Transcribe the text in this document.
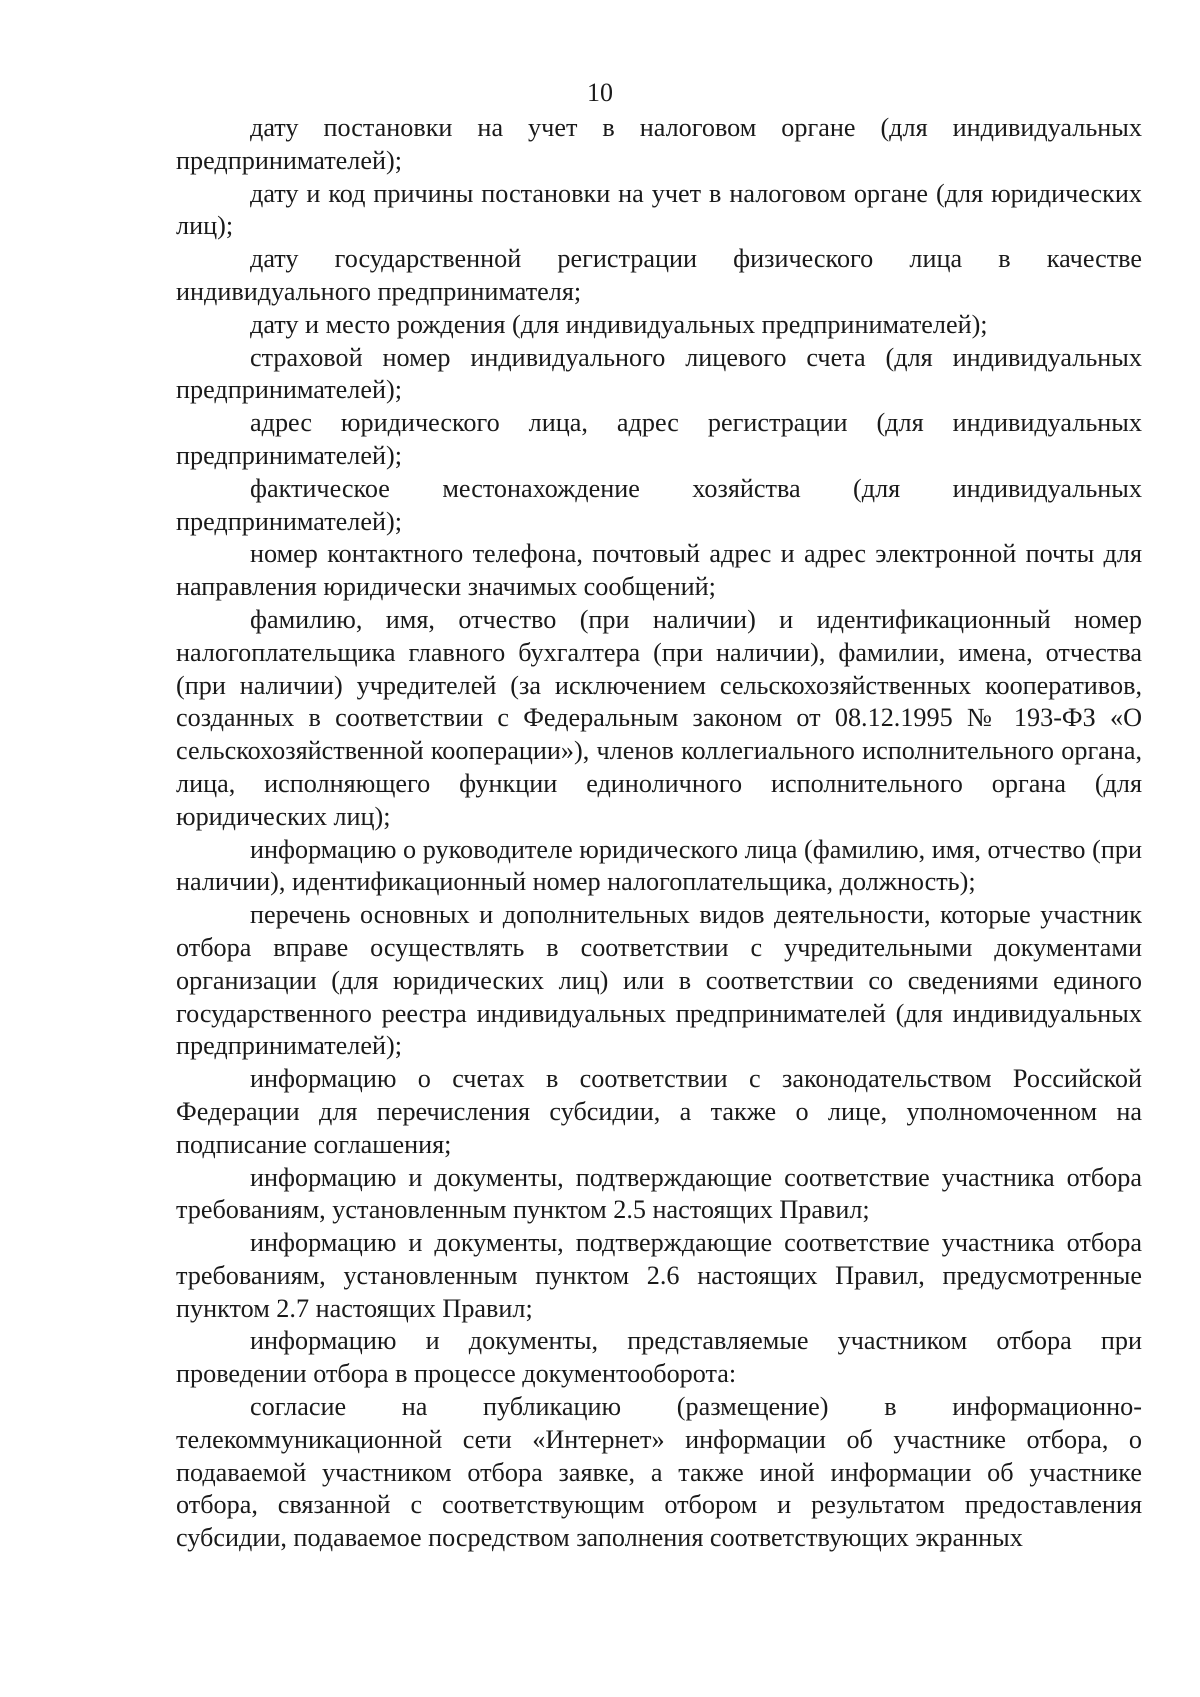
10

дату постановки на учет в налоговом органе (для индивидуальных предпринимателей);

дату и код причины постановки на учет в налоговом органе (для юридических лиц);

дату государственной регистрации физического лица в качестве индивидуального предпринимателя;

дату и место рождения (для индивидуальных предпринимателей);

страховой номер индивидуального лицевого счета (для индивидуальных предпринимателей);

адрес юридического лица, адрес регистрации (для индивидуальных предпринимателей);

фактическое местонахождение хозяйства (для индивидуальных предпринимателей);

номер контактного телефона, почтовый адрес и адрес электронной почты для направления юридически значимых сообщений;

фамилию, имя, отчество (при наличии) и идентификационный номер налогоплательщика главного бухгалтера (при наличии), фамилии, имена, отчества (при наличии) учредителей (за исключением сельскохозяйственных кооперативов, созданных в соответствии с Федеральным законом от 08.12.1995 № 193-ФЗ «О сельскохозяйственной кооперации»), членов коллегиального исполнительного органа, лица, исполняющего функции единоличного исполнительного органа (для юридических лиц);

информацию о руководителе юридического лица (фамилию, имя, отчество (при наличии), идентификационный номер налогоплательщика, должность);

перечень основных и дополнительных видов деятельности, которые участник отбора вправе осуществлять в соответствии с учредительными документами организации (для юридических лиц) или в соответствии со сведениями единого государственного реестра индивидуальных предпринимателей (для индивидуальных предпринимателей);

информацию о счетах в соответствии с законодательством Российской Федерации для перечисления субсидии, а также о лице, уполномоченном на подписание соглашения;

информацию и документы, подтверждающие соответствие участника отбора требованиям, установленным пунктом 2.5 настоящих Правил;

информацию и документы, подтверждающие соответствие участника отбора требованиям, установленным пунктом 2.6 настоящих Правил, предусмотренные пунктом 2.7 настоящих Правил;

информацию и документы, представляемые участником отбора при проведении отбора в процессе документооборота:

согласие на публикацию (размещение) в информационно-телекоммуникационной сети «Интернет» информации об участнике отбора, о подаваемой участником отбора заявке, а также иной информации об участнике отбора, связанной с соответствующим отбором и результатом предоставления субсидии, подаваемое посредством заполнения соответствующих экранных
